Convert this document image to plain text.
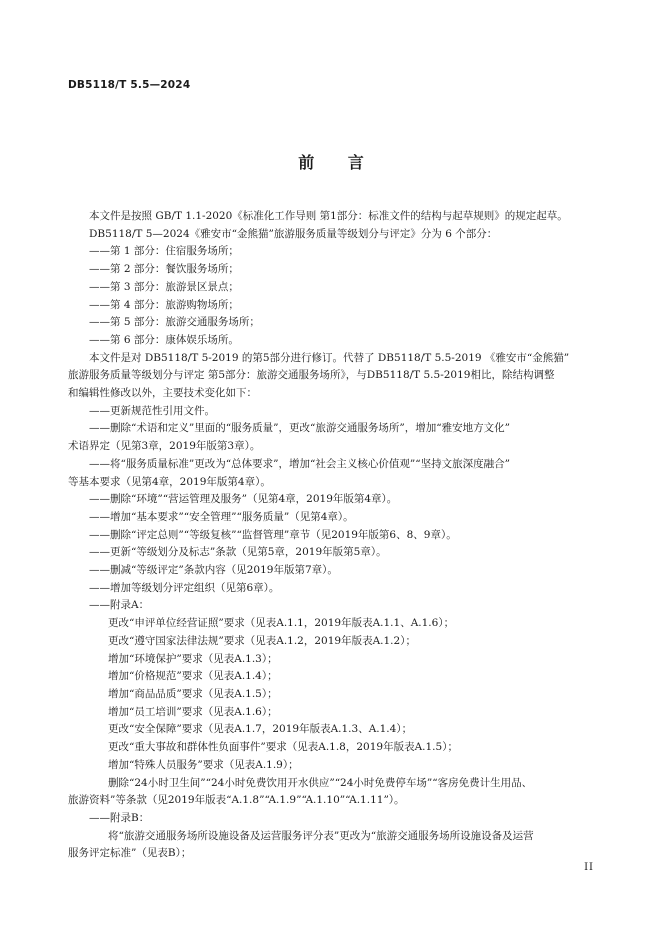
DB5118/T 5.5—2024
前 言

本文件是按照 GB/T 1.1-2020《标准化工作导则 第1部分：标准文件的结构与起草规则》的规定起草。

DB5118/T 5—2024《雅安市“金熊猫”旅游服务质量等级划分与评定》分为 6 个部分：

——第 1 部分：住宿服务场所；

——第 2 部分：餐饮服务场所；

——第 3 部分：旅游景区景点；

——第 4 部分：旅游购物场所；

——第 5 部分：旅游交通服务场所；

——第 6 部分：康体娱乐场所。

本文件是对 DB5118/T 5-2019 的第5部分进行修订。代替了 DB5118/T 5.5-2019 《雅安市“金熊猫”

旅游服务质量等级划分与评定 第5部分：旅游交通服务场所》，与DB5118/T 5.5-2019相比，除结构调整

和编辑性修改以外，主要技术变化如下：

——更新规范性引用文件。

——删除“术语和定义”里面的“服务质量”，更改“旅游交通服务场所”，增加“雅安地方文化”

术语界定（见第3章，2019年版第3章）。

——将“服务质量标准”更改为“总体要求”，增加“社会主义核心价值观”“坚持文旅深度融合”

等基本要求（见第4章，2019年版第4章）。

——删除“环境”“营运管理及服务”（见第4章，2019年版第4章）。

——增加“基本要求”“安全管理”“服务质量”（见第4章）。

——删除“评定总则”“等级复核”“监督管理”章节（见2019年版第6、8、9章）。

——更新“等级划分及标志”条款（见第5章，2019年版第5章）。

——删减“等级评定”条款内容（见2019年版第7章）。

——增加等级划分评定组织（见第6章）。

——附录A：

更改“申评单位经营证照”要求（见表A.1.1，2019年版表A.1.1、A.1.6）；

更改“遵守国家法律法规”要求（见表A.1.2，2019年版表A.1.2）；

增加“环境保护”要求（见表A.1.3）；

增加“价格规范”要求（见表A.1.4）；

增加“商品品质”要求（见表A.1.5）；

增加“员工培训”要求（见表A.1.6）；

更改“安全保障”要求（见表A.1.7，2019年版表A.1.3、A.1.4）；

更改“重大事故和群体性负面事件”要求（见表A.1.8，2019年版表A.1.5）；

增加“特殊人员服务”要求（见表A.1.9）；

删除“24小时卫生间”“24小时免费饮用开水供应”“24小时免费停车场”“客房免费计生用品、

旅游资料”等条款（见2019年版表“A.1.8”“A.1.9”“A.1.10”“A.1.11”）。

——附录B：

将“旅游交通服务场所设施设备及运营服务评分表”更改为“旅游交通服务场所设施设备及运营

服务评定标准”（见表B）；

II
